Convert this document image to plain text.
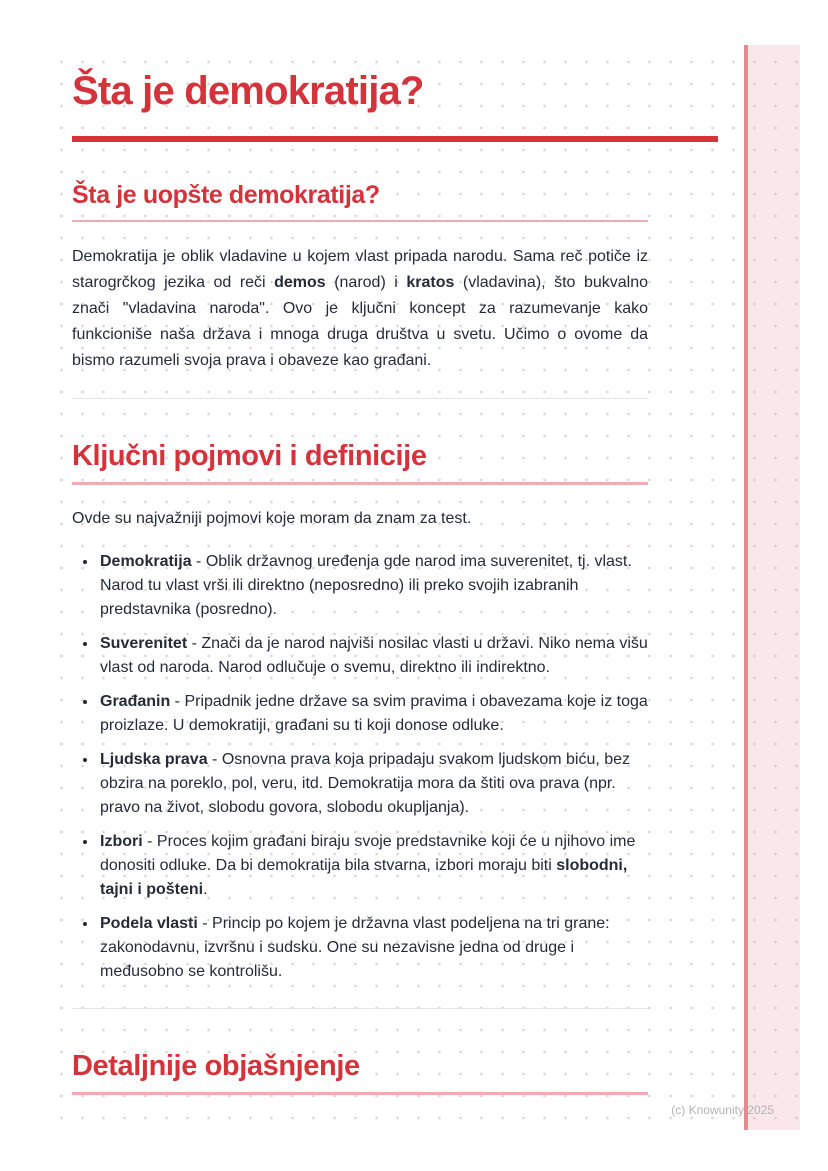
Šta je demokratija?
Šta je uopšte demokratija?

Demokratija je oblik vladavine u kojem vlast pripada narodu. Sama reč potiče iz starogrčkog jezika od reči demos (narod) i kratos (vladavina), što bukvalno znači "vladavina naroda". Ovo je ključni koncept za razumevanje kako funkcioniše naša država i mnoga druga društva u svetu. Učimo o ovome da bismo razumeli svoja prava i obaveze kao građani.

Ključni pojmovi i definicije

Ovde su najvažniji pojmovi koje moram da znam za test.

• Demokratija - Oblik državnog uređenja gde narod ima suverenitet, tj. vlast. Narod tu vlast vrši ili direktno (neposredno) ili preko svojih izabranih predstavnika (posredno).
• Suverenitet - Znači da je narod najviši nosilac vlasti u državi. Niko nema višu vlast od naroda. Narod odlučuje o svemu, direktno ili indirektno.
• Građanin - Pripadnik jedne države sa svim pravima i obavezama koje iz toga proizlaze. U demokratiji, građani su ti koji donose odluke.
• Ljudska prava - Osnovna prava koja pripadaju svakom ljudskom biću, bez obzira na poreklo, pol, veru, itd. Demokratija mora da štiti ova prava (npr. pravo na život, slobodu govora, slobodu okupljanja).
• Izbori - Proces kojim građani biraju svoje predstavnike koji će u njihovo ime donositi odluke. Da bi demokratija bila stvarna, izbori moraju biti slobodni, tajni i pošteni.
• Podela vlasti - Princip po kojem je državna vlast podeljena na tri grane: zakonodavnu, izvršnu i sudsku. One su nezavisne jedna od druge i međusobno se kontrolišu.
Detaljnije objašnjenje
(c) Knowunity 2025
